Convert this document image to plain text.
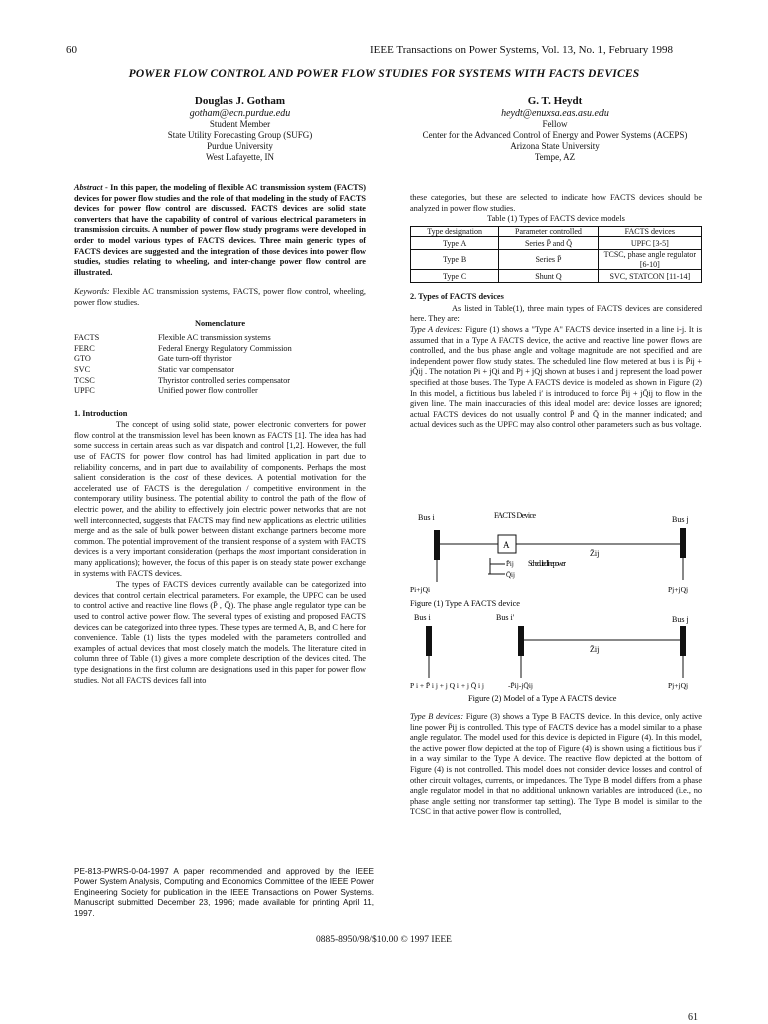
60	IEEE Transactions on Power Systems, Vol. 13, No. 1, February 1998
POWER FLOW CONTROL AND POWER FLOW STUDIES FOR SYSTEMS WITH FACTS DEVICES
Douglas J. Gotham
gotham@ecn.purdue.edu
Student Member
State Utility Forecasting Group (SUFG)
Purdue University
West Lafayette, IN
G. T. Heydt
heydt@enuxsa.eas.asu.edu
Fellow
Center for the Advanced Control of Energy and Power Systems (ACEPS)
Arizona State University
Tempe, AZ

Abstract - In this paper, the modeling of flexible AC transmission system (FACTS) devices for power flow studies and the role of that modeling in the study of FACTS devices for power flow control are discussed. FACTS devices are solid state converters that have the capability of control of various electrical parameters in transmission circuits. A number of power flow study programs were developed in order to model various types of FACTS devices. Three main generic types of FACTS devices are suggested and the integration of those devices into power flow studies, studies relating to wheeling, and inter-change power flow control are illustrated.

Keywords: Flexible AC transmission systems, FACTS, power flow control, wheeling, power flow studies.

Nomenclature
FACTS	Flexible AC transmission systems
FERC	Federal Energy Regulatory Commission
GTO	Gate turn-off thyristor
SVC	Static var compensator
TCSC	Thyristor controlled series compensator
UPFC	Unified power flow controller
1. Introduction

The concept of using solid state, power electronic converters for power flow control at the transmission level has been known as FACTS [1]. The idea has had some success in certain areas such as var dispatch and control [1,2]. However, the full use of FACTS for power flow control has had limited application in part due to reliability concerns, and in part due to availability of components. Perhaps the most salient consideration is the cost of these devices. A potential motivation for the accelerated use of FACTS is the deregulation / competitive environment in the contemporary utility business. The potential ability to control the path of the flow of electric power, and the ability to effectively join electric power networks that are not well interconnected, suggests that FACTS may find new applications as electric utilities merge and as the sale of bulk power between distant exchange partners become more common. The potential improvement of the transient response of a system with FACTS devices is a very important consideration (perhaps the most important consideration in many applications); however, the focus of this paper is on steady state power exchange in systems with FACTS devices.

The types of FACTS devices currently available can be categorized into devices that control certain electrical parameters. For example, the UPFC can be used to control active and reactive line flows (P̄ , Q̄). The phase angle regulator type can be used to control active power flow. The several types of existing and proposed FACTS devices can be categorized into three types. These types are termed A, B, and C here for convenience. Table (1) lists the types modeled with the parameters controlled and examples of actual devices that most closely match the models. The literature cited in column three of Table (1) gives a more complete description of the devices cited. The type designations in the first column are designations used in this paper for power flow studies. Not all FACTS devices fall into

PE-813-PWRS-0-04-1997 A paper recommended and approved by the IEEE Power System Analysis, Computing and Economics Committee of the IEEE Power Engineering Society for publication in the IEEE Transactions on Power Systems. Manuscript submitted December 23, 1996; made available for printing April 11, 1997.

these categories, but these are selected to indicate how FACTS devices should be analyzed in power flow studies.

Table (1) Types of FACTS device models
Type designation	Parameter controlled	FACTS devices
Type A	Series P̄ and Q̄	UPFC [3-5]
Type B	Series P̄	TCSC, phase angle regulator [6-10]
Type C	Shunt Q	SVC, STATCON [11-14]
2. Types of FACTS devices

As listed in Table(1), three main types of FACTS devices are considered here. They are:

Type A devices: Figure (1) shows a "Type A" FACTS device inserted in a line i-j. It is assumed that in a Type A FACTS device, the active and reactive line power flows are controlled, and the bus phase angle and voltage magnitude are not specified and are independent power flow study states. The scheduled line flow metered at bus i is P̄ij + jQ̄ij . The notation Pi + jQi and Pj + jQj shown at buses i and j represent the load power specified at those buses. The Type A FACTS device is modeled as shown in Figure (2) In this model, a fictitious bus labeled i′ is introduced to force P̄ij + jQ̄ij to flow in the given line. The main inaccuracies of this ideal model are: device losses are ignored; actual FACTS devices do not usually control P̄ and Q̄ in the manner indicated; and actual devices such as the UPFC may also control other parameters such as bus voltage.

Bus i	Bus j
FACTS Device
A
Z̄ij
P̄ij
Q̄ij
Scheduled line power
Pi+jQi	Pj+jQj
Figure (1) Type A FACTS device
Bus i	Bus i′	Bus j
Z̄ij
Pi+P̄ij+jQi+jQ̄ij	-P̄ij-jQ̄ij	Pj+jQj
Figure (2) Model of a Type A FACTS device

Type B devices: Figure (3) shows a Type B FACTS device. In this device, only active line power P̄ij is controlled. This type of FACTS device has a model similar to a phase angle regulator. The model used for this device is depicted in Figure (4). In this model, the active power flow depicted at the top of Figure (4) is shown using a fictitious bus i′ in a way similar to the Type A device. The reactive flow depicted at the bottom of Figure (4) is not controlled. This model does not consider device losses and control of other circuit voltages, currents, or impedances. The Type B model differs from a phase angle regulator model in that no additional unknown variables are introduced (i.e., no phase angle setting nor transformer tap setting). The Type B model is similar to the TCSC in that active power flow is controlled,

0885-8950/98/$10.00 © 1997 IEEE
61
